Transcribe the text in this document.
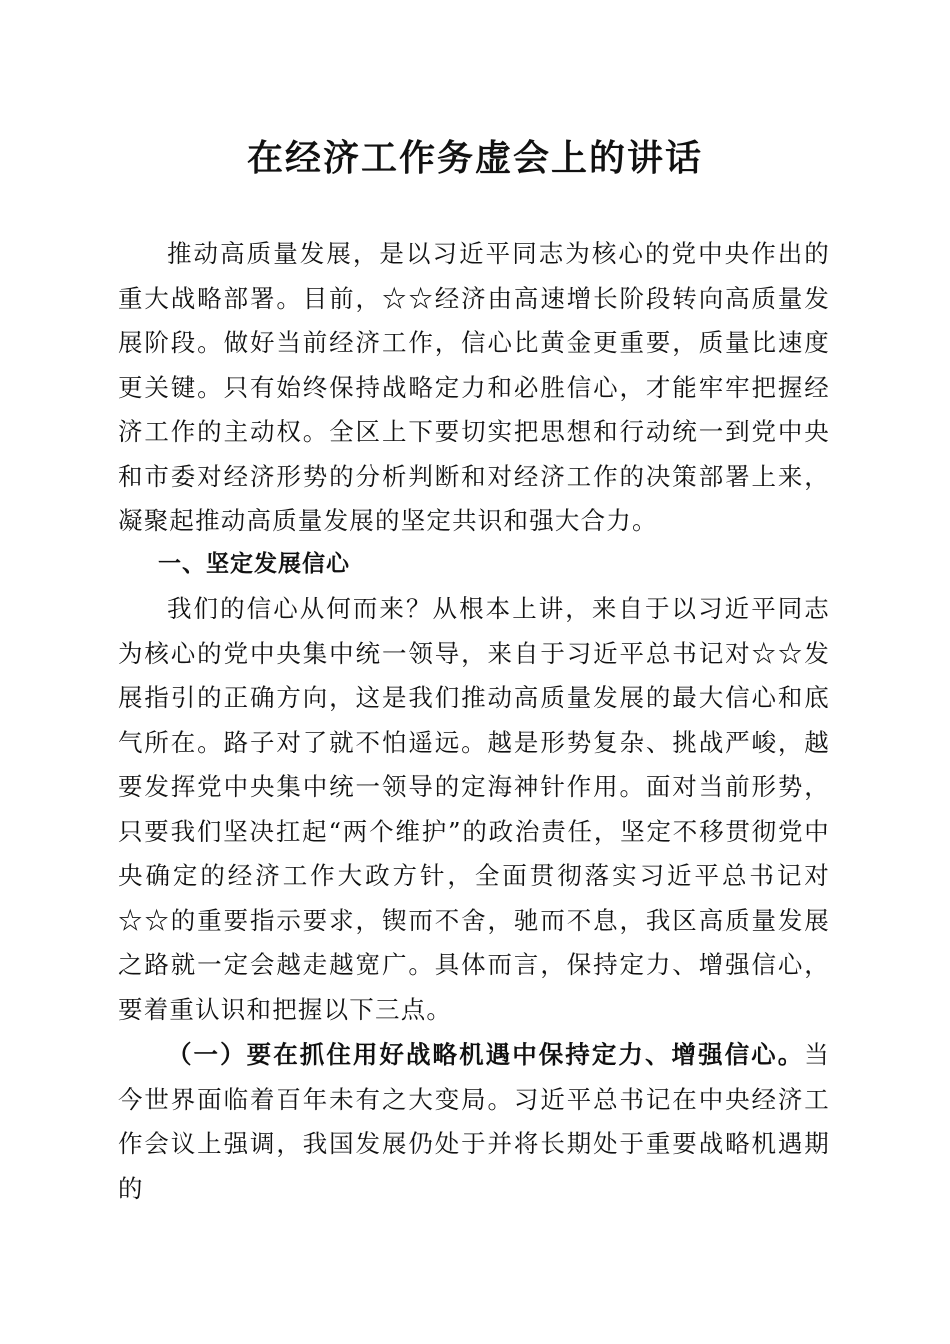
在经济工作务虚会上的讲话

推动高质量发展，是以习近平同志为核心的党中央作出的重大战略部署。目前，☆☆经济由高速增长阶段转向高质量发展阶段。做好当前经济工作，信心比黄金更重要，质量比速度更关键。只有始终保持战略定力和必胜信心，才能牢牢把握经济工作的主动权。全区上下要切实把思想和行动统一到党中央和市委对经济形势的分析判断和对经济工作的决策部署上来，凝聚起推动高质量发展的坚定共识和强大合力。

一、坚定发展信心

我们的信心从何而来？从根本上讲，来自于以习近平同志为核心的党中央集中统一领导，来自于习近平总书记对☆☆发展指引的正确方向，这是我们推动高质量发展的最大信心和底气所在。路子对了就不怕遥远。越是形势复杂、挑战严峻，越要发挥党中央集中统一领导的定海神针作用。面对当前形势，只要我们坚决扛起“两个维护”的政治责任，坚定不移贯彻党中央确定的经济工作大政方针，全面贯彻落实习近平总书记对☆☆的重要指示要求，锲而不舍，驰而不息，我区高质量发展之路就一定会越走越宽广。具体而言，保持定力、增强信心，要着重认识和把握以下三点。

（一）要在抓住用好战略机遇中保持定力、增强信心。当今世界面临着百年未有之大变局。习近平总书记在中央经济工作会议上强调，我国发展仍处于并将长期处于重要战略机遇期的
